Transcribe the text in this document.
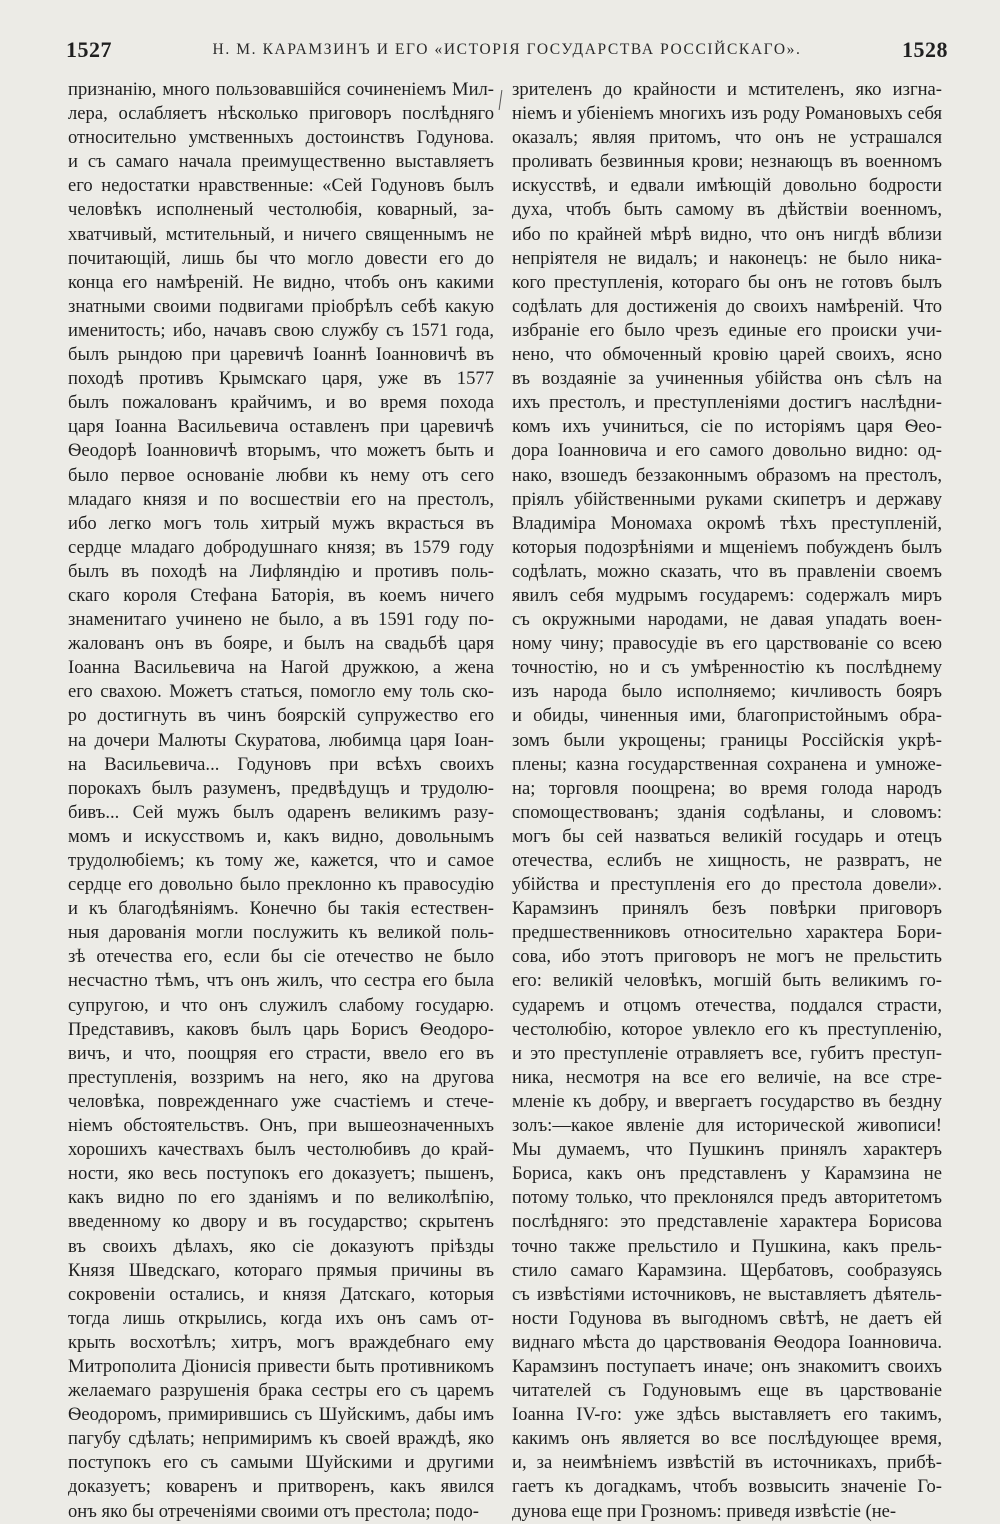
1527	Н. М. КАРАМЗИНЪ И ЕГО «ИСТОРІЯ ГОСУДАРСТВА РОССІЙСКАГО».	1528
признанію, много пользовавшійся сочиненіемъ Мил-
лера, ослабляетъ нѣсколько приговоръ послѣдняго
относительно умственныхъ достоинствъ Годунова.
и съ самаго начала преимущественно выставляетъ
его недостатки нравственные: «Сей Годуновъ былъ
человѣкъ исполненый честолюбія, коварный, за-
хватчивый, мстительный, и ничего священнымъ не
почитающій, лишь бы что могло довести его до
конца его намѣреній. Не видно, чтобъ онъ какими
знатными своими подвигами пріобрѣлъ себѣ какую
именитость; ибо, начавъ свою службу съ 1571 года,
былъ рындою при царевичѣ Іоаннѣ Іоанновичѣ въ
походѣ противъ Крымскаго царя, уже въ 1577
былъ пожалованъ крайчимъ, и во время похода
царя Іоанна Васильевича оставленъ при царевичѣ
Ѳеодорѣ Іоанновичѣ вторымъ, что можетъ быть и
было первое основаніе любви къ нему отъ сего
младаго князя и по восшествіи его на престолъ,
ибо легко могъ толь хитрый мужъ вкрасться въ
сердце младаго добродушнаго князя; въ 1579 году
былъ въ походѣ на Лифляндію и противъ поль-
скаго короля Стефана Баторія, въ коемъ ничего
знаменитаго учинено не было, а въ 1591 году по-
жалованъ онъ въ бояре, и былъ на свадьбѣ царя
Іоанна Васильевича на Нагой дружкою, а жена
его свахою. Можетъ статься, помогло ему толь ско-
ро достигнуть въ чинъ боярскій супружество его
на дочери Малюты Скуратова, любимца царя Іоан-
на Васильевича... Годуновъ при всѣхъ своихъ
порокахъ былъ разуменъ, предвѣдущъ и трудолю-
бивъ... Сей мужъ былъ одаренъ великимъ разу-
момъ и искусствомъ и, какъ видно, довольнымъ
трудолюбіемъ; къ тому же, кажется, что и самое
сердце его довольно было преклонно къ правосудію
и къ благодѣяніямъ. Конечно бы такія естествен-
ныя дарованія могли послужить къ великой поль-
зѣ отечества его, если бы сіе отечество не было
несчастно тѣмъ, чтъ онъ жилъ, что сестра его была
супругою, и что онъ служилъ слабому государю.
Представивъ, каковъ былъ царь Борисъ Ѳеодоро-
вичъ, и что, поощряя его страсти, ввело его въ
преступленія, воззримъ на него, яко на другова
человѣка, поврежденнаго уже счастіемъ и стече-
ніемъ обстоятельствъ. Онъ, при вышеозначенныхъ
хорошихъ качествахъ былъ честолюбивъ до край-
ности, яко весь поступокъ его доказуетъ; пышенъ,
какъ видно по его зданіямъ и по великолѣпію,
введенному ко двору и въ государство; скрытенъ
въ своихъ дѣлахъ, яко сіе доказуютъ пріѣзды
Князя Шведскаго, котораго прямыя причины въ
сокровеніи остались, и князя Датскаго, которыя
тогда лишь открылись, когда ихъ онъ самъ от-
крыть восхотѣлъ; хитръ, могъ враждебнаго ему
Митрополита Діонисія привести быть противникомъ
желаемаго разрушенія брака сестры его съ царемъ
Ѳеодоромъ, примирившись съ Шуйскимъ, дабы имъ
пагубу сдѣлать; непримиримъ къ своей враждѣ, яко
поступокъ его съ самыми Шуйскими и другими
доказуетъ; коваренъ и притворенъ, какъ явился
онъ яко бы отреченіями своими отъ престола; подо-
зрителенъ до крайности и мстителенъ, яко изгна-
ніемъ и убіеніемъ многихъ изъ роду Романовыхъ себя
оказалъ; являя притомъ, что онъ не устрашался
проливать безвинныя крови; незнающъ въ военномъ
искусствѣ, и едвали имѣющій довольно бодрости
духа, чтобъ быть самому въ дѣйствіи военномъ,
ибо по крайней мѣрѣ видно, что онъ нигдѣ вблизи
непріятеля не видалъ; и наконецъ: не было ника-
кого преступленія, котораго бы онъ не готовъ былъ
содѣлать для достиженія до своихъ намѣреній. Что
избраніе его было чрезъ единые его происки учи-
нено, что обмоченный кровію царей своихъ, ясно
въ воздаяніе за учиненныя убійства онъ сѣлъ на
ихъ престолъ, и преступленіями достигъ наслѣдни-
комъ ихъ учиниться, сіе по исторіямъ царя Ѳео-
дора Іоанновича и его самого довольно видно: од-
нако, взошедъ беззаконнымъ образомъ на престолъ,
пріялъ убійственными руками скипетръ и державу
Владиміра Мономаха окромѣ тѣхъ преступленій,
которыя подозрѣніями и мщеніемъ побужденъ былъ
содѣлать, можно сказать, что въ правленіи своемъ
явилъ себя мудрымъ государемъ: содержалъ миръ
съ окружными народами, не давая упадать воен-
ному чину; правосудіе въ его царствованіе со всею
точностію, но и съ умѣренностію къ послѣднему
изъ народа было исполняемо; кичливость бояръ
и обиды, чиненныя ими, благопристойнымъ обра-
зомъ были укрощены; границы Россійскія укрѣ-
плены; казна государственная сохранена и умноже-
на; торговля поощрена; во время голода народъ
спомоществованъ; зданія содѣланы, и словомъ:
могъ бы сей назваться великій государь и отецъ
отечества, еслибъ не хищность, не развратъ, не
убійства и преступленія его до престола довели».
Карамзинъ принялъ безъ повѣрки приговоръ
предшественниковъ относительно характера Бори-
сова, ибо этотъ приговоръ не могъ не прельстить
его: великій человѣкъ, могшій быть великимъ го-
сударемъ и отцомъ отечества, поддался страсти,
честолюбію, которое увлекло его къ преступленію,
и это преступленіе отравляетъ все, губитъ преступ-
ника, несмотря на все его величіе, на все стре-
мленіе къ добру, и ввергаетъ государство въ бездну
золъ:—какое явленіе для исторической живописи!
Мы думаемъ, что Пушкинъ принялъ характеръ
Бориса, какъ онъ представленъ у Карамзина не
потому только, что преклонялся предъ авторитетомъ
послѣдняго: это представленіе характера Борисова
точно также прельстило и Пушкина, какъ прель-
стило самаго Карамзина. Щербатовъ, сообразуясь
съ извѣстіями источниковъ, не выставляетъ дѣятель-
ности Годунова въ выгодномъ свѣтѣ, не даетъ ей
виднаго мѣста до царствованія Ѳеодора Іоанновича.
Карамзинъ поступаетъ иначе; онъ знакомитъ своихъ
читателей съ Годуновымъ еще въ царствованіе
Іоанна IV-го: уже здѣсь выставляетъ его такимъ,
какимъ онъ является во все послѣдующее время,
и, за неимѣніемъ извѣстій въ источникахъ, прибѣ-
гаетъ къ догадкамъ, чтобъ возвысить значеніе Го-
дунова еще при Грозномъ: приведя извѣстіе (не-
